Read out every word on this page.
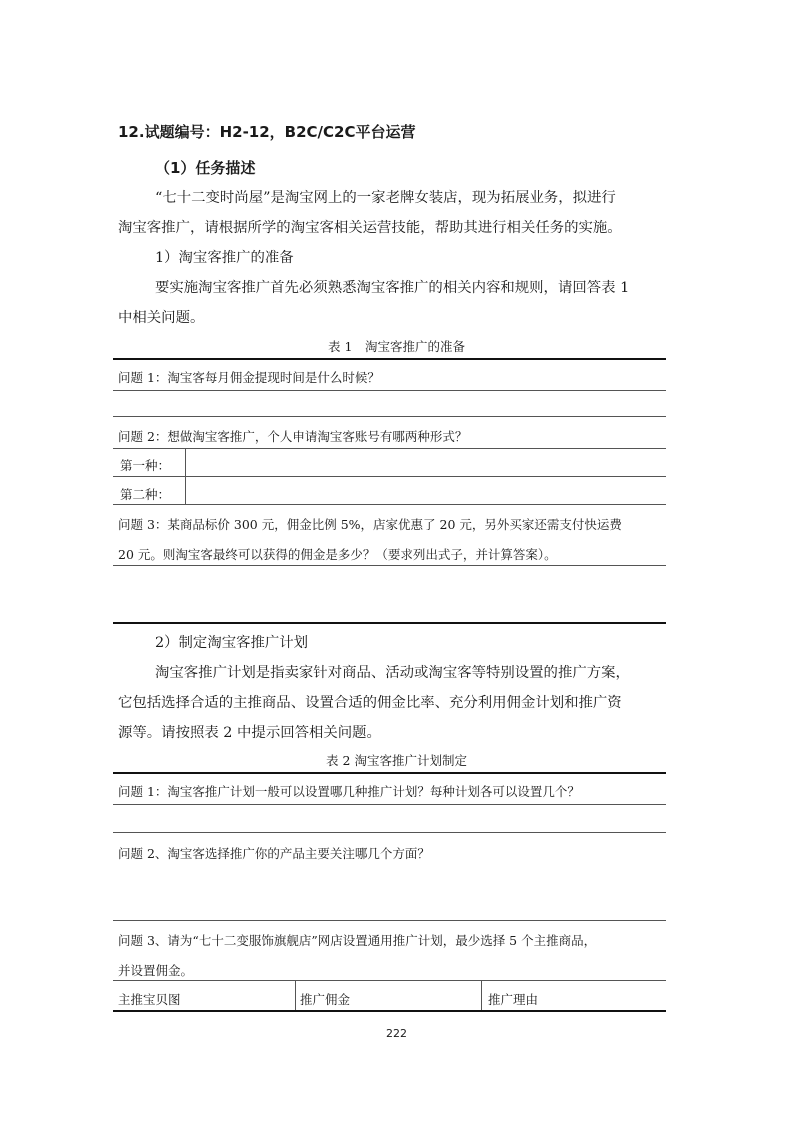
12.试题编号：H2-12，B2C/C2C平台运营
（1）任务描述
“七十二变时尚屋”是淘宝网上的一家老牌女装店，现为拓展业务，拟进行
淘宝客推广，请根据所学的淘宝客相关运营技能，帮助其进行相关任务的实施。
1）淘宝客推广的准备
要实施淘宝客推广首先必须熟悉淘宝客推广的相关内容和规则，请回答表 1
中相关问题。
表 1　淘宝客推广的准备
问题 1：淘宝客每月佣金提现时间是什么时候？
问题 2：想做淘宝客推广，个人申请淘宝客账号有哪两种形式？
第一种：
第二种：
问题 3：某商品标价 300 元，佣金比例 5%，店家优惠了 20 元，另外买家还需支付快运费
20 元。则淘宝客最终可以获得的佣金是多少？（要求列出式子，并计算答案）。
2）制定淘宝客推广计划
淘宝客推广计划是指卖家针对商品、活动或淘宝客等特别设置的推广方案，
它包括选择合适的主推商品、设置合适的佣金比率、充分利用佣金计划和推广资
源等。请按照表 2 中提示回答相关问题。
表 2 淘宝客推广计划制定
问题 1：淘宝客推广计划一般可以设置哪几种推广计划？每种计划各可以设置几个？
问题 2、淘宝客选择推广你的产品主要关注哪几个方面？
问题 3、请为“七十二变服饰旗舰店”网店设置通用推广计划，最少选择 5 个主推商品，
并设置佣金。
主推宝贝图	推广佣金	推广理由
222
